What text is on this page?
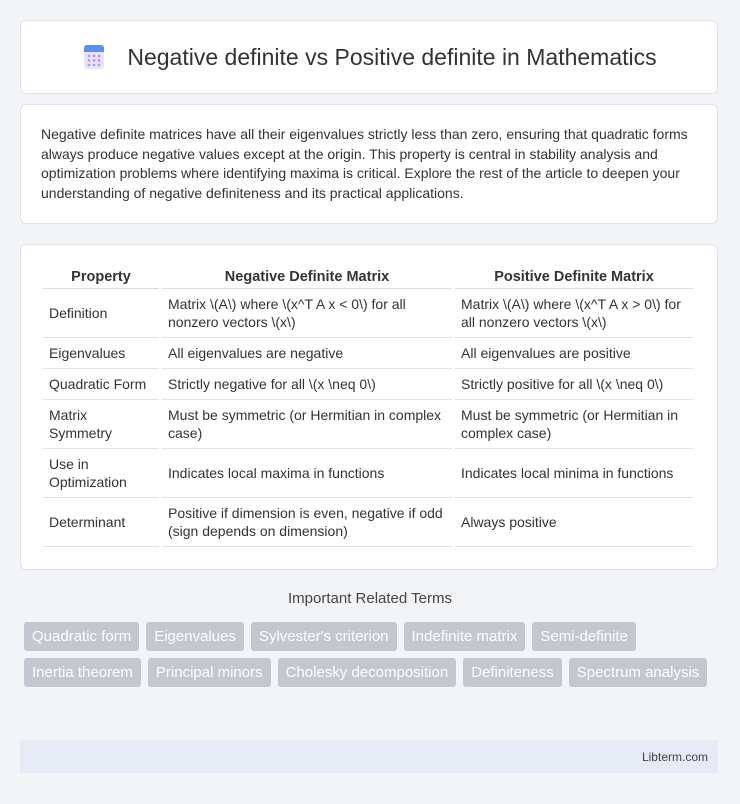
Negative definite vs Positive definite in Mathematics

Negative definite matrices have all their eigenvalues strictly less than zero, ensuring that quadratic forms always produce negative values except at the origin. This property is central in stability analysis and optimization problems where identifying maxima is critical. Explore the rest of the article to deepen your understanding of negative definiteness and its practical applications.

Property	Negative Definite Matrix	Positive Definite Matrix
Definition	Matrix \(A\) where \(x^T A x < 0\) for all nonzero vectors \(x\)	Matrix \(A\) where \(x^T A x > 0\) for all nonzero vectors \(x\)
Eigenvalues	All eigenvalues are negative	All eigenvalues are positive
Quadratic Form	Strictly negative for all \(x \neq 0\)	Strictly positive for all \(x \neq 0\)
Matrix Symmetry	Must be symmetric (or Hermitian in complex case)	Must be symmetric (or Hermitian in complex case)
Use in Optimization	Indicates local maxima in functions	Indicates local minima in functions
Determinant	Positive if dimension is even, negative if odd (sign depends on dimension)	Always positive
Important Related Terms
Quadratic form	Eigenvalues	Sylvester's criterion	Indefinite matrix	Semi-definite
Inertia theorem	Principal minors	Cholesky decomposition	Definiteness	Spectrum analysis
Libterm.com
